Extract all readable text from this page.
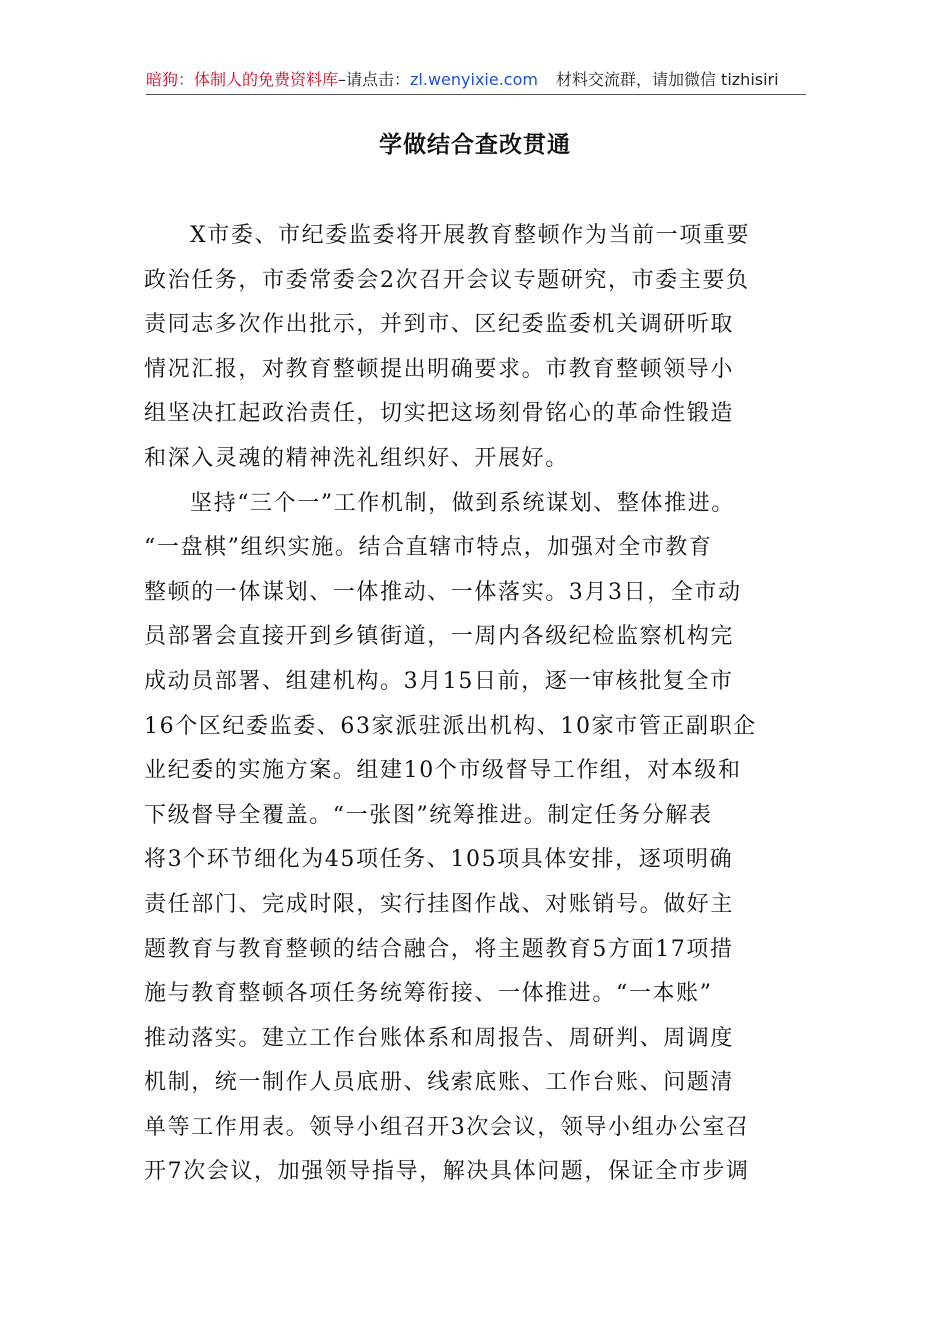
暗狗：体制人的免费资料库–请点击：zl.wenyixie.com 材料交流群，请加微信 tizhisiri
学做结合查改贯通
X市委、市纪委监委将开展教育整顿作为当前一项重要
政治任务，市委常委会2次召开会议专题研究，市委主要负
责同志多次作出批示，并到市、区纪委监委机关调研听取
情况汇报，对教育整顿提出明确要求。市教育整顿领导小
组坚决扛起政治责任，切实把这场刻骨铭心的革命性锻造
和深入灵魂的精神洗礼组织好、开展好。
坚持“三个一”工作机制，做到系统谋划、整体推进。
“一盘棋”组织实施。结合直辖市特点，加强对全市教育
整顿的一体谋划、一体推动、一体落实。3月3日，全市动
员部署会直接开到乡镇街道，一周内各级纪检监察机构完
成动员部署、组建机构。3月15日前，逐一审核批复全市
16个区纪委监委、63家派驻派出机构、10家市管正副职企
业纪委的实施方案。组建10个市级督导工作组，对本级和
下级督导全覆盖。“一张图”统筹推进。制定任务分解表
将3个环节细化为45项任务、105项具体安排，逐项明确
责任部门、完成时限，实行挂图作战、对账销号。做好主
题教育与教育整顿的结合融合，将主题教育5方面17项措
施与教育整顿各项任务统筹衔接、一体推进。“一本账”
推动落实。建立工作台账体系和周报告、周研判、周调度
机制，统一制作人员底册、线索底账、工作台账、问题清
单等工作用表。领导小组召开3次会议，领导小组办公室召
开7次会议，加强领导指导，解决具体问题，保证全市步调
